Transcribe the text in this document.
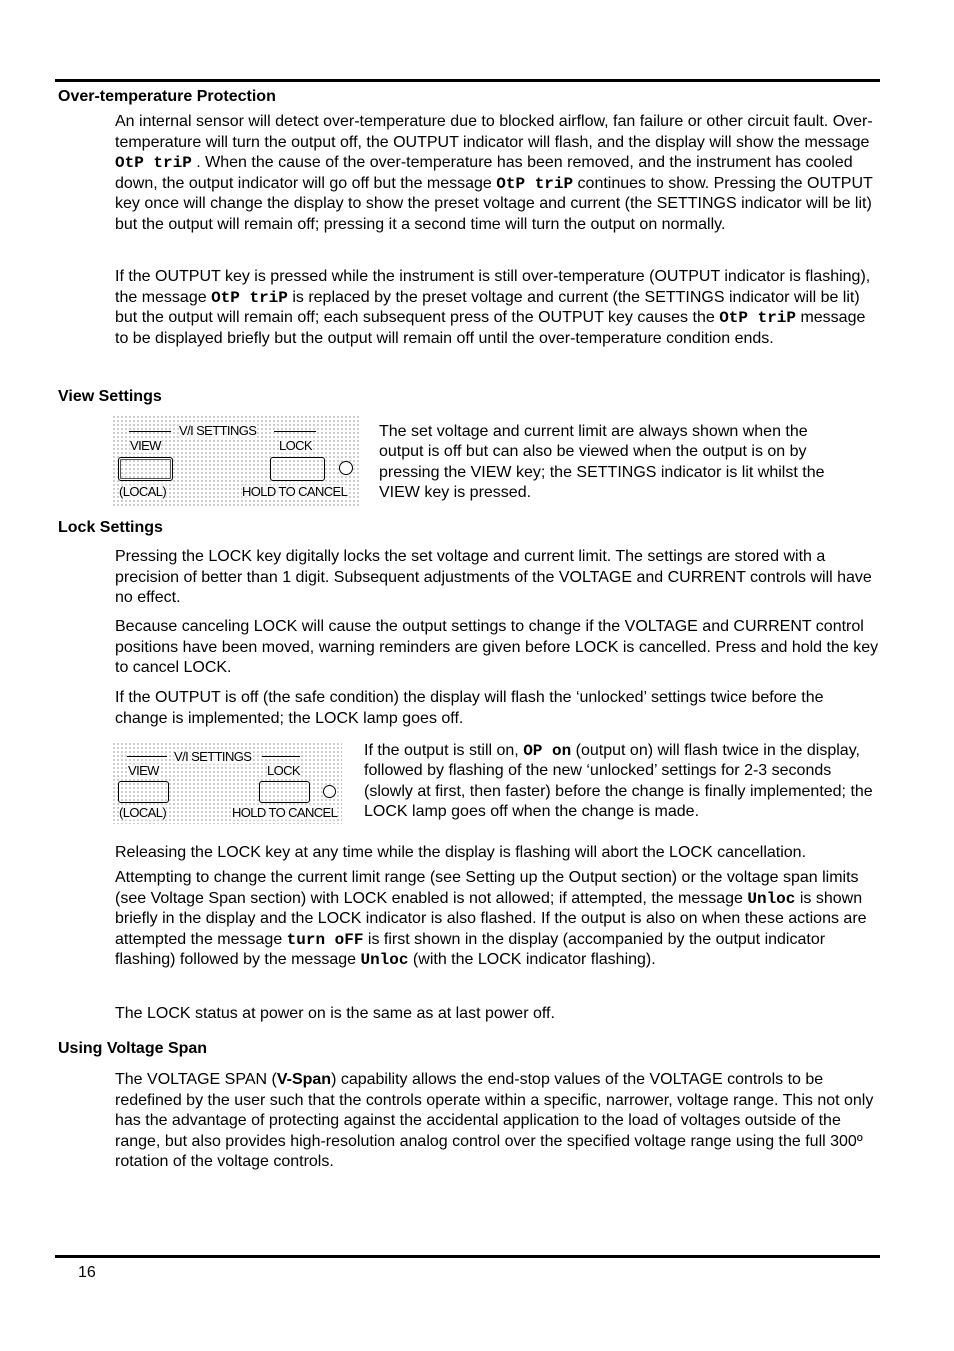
Over-temperature Protection

An internal sensor will detect over-temperature due to blocked airflow, fan failure or other circuit fault. Over-temperature will turn the output off, the OUTPUT indicator will flash, and the display will show the message OtP triP . When the cause of the over-temperature has been removed, and the instrument has cooled down, the output indicator will go off but the message OtP triP continues to show. Pressing the OUTPUT key once will change the display to show the preset voltage and current (the SETTINGS indicator will be lit) but the output will remain off; pressing it a second time will turn the output on normally.

If the OUTPUT key is pressed while the instrument is still over-temperature (OUTPUT indicator is flashing), the message OtP triP is replaced by the preset voltage and current (the SETTINGS indicator will be lit) but the output will remain off; each subsequent press of the OUTPUT key causes the OtP triP message to be displayed briefly but the output will remain off until the over-temperature condition ends.

View Settings
V/I SETTINGS
VIEW	LOCK
(LOCAL)	HOLD TO CANCEL

The set voltage and current limit are always shown when the output is off but can also be viewed when the output is on by pressing the VIEW key; the SETTINGS indicator is lit whilst the VIEW key is pressed.

Lock Settings

Pressing the LOCK key digitally locks the set voltage and current limit. The settings are stored with a precision of better than 1 digit. Subsequent adjustments of the VOLTAGE and CURRENT controls will have no effect.

Because canceling LOCK will cause the output settings to change if the VOLTAGE and CURRENT control positions have been moved, warning reminders are given before LOCK is cancelled. Press and hold the key to cancel LOCK.

If the OUTPUT is off (the safe condition) the display will flash the ‘unlocked’ settings twice before the change is implemented; the LOCK lamp goes off.

V/I SETTINGS
VIEW	LOCK
(LOCAL)	HOLD TO CANCEL

If the output is still on, OP on (output on) will flash twice in the display, followed by flashing of the new ‘unlocked’ settings for 2-3 seconds (slowly at first, then faster) before the change is finally implemented; the LOCK lamp goes off when the change is made.

Releasing the LOCK key at any time while the display is flashing will abort the LOCK cancellation.

Attempting to change the current limit range (see Setting up the Output section) or the voltage span limits (see Voltage Span section) with LOCK enabled is not allowed; if attempted, the message Unloc is shown briefly in the display and the LOCK indicator is also flashed. If the output is also on when these actions are attempted the message turn oFF is first shown in the display (accompanied by the output indicator flashing) followed by the message Unloc (with the LOCK indicator flashing).

The LOCK status at power on is the same as at last power off.

Using Voltage Span

The VOLTAGE SPAN (V-Span) capability allows the end-stop values of the VOLTAGE controls to be redefined by the user such that the controls operate within a specific, narrower, voltage range. This not only has the advantage of protecting against the accidental application to the load of voltages outside of the range, but also provides high-resolution analog control over the specified voltage range using the full 300º rotation of the voltage controls.

16
